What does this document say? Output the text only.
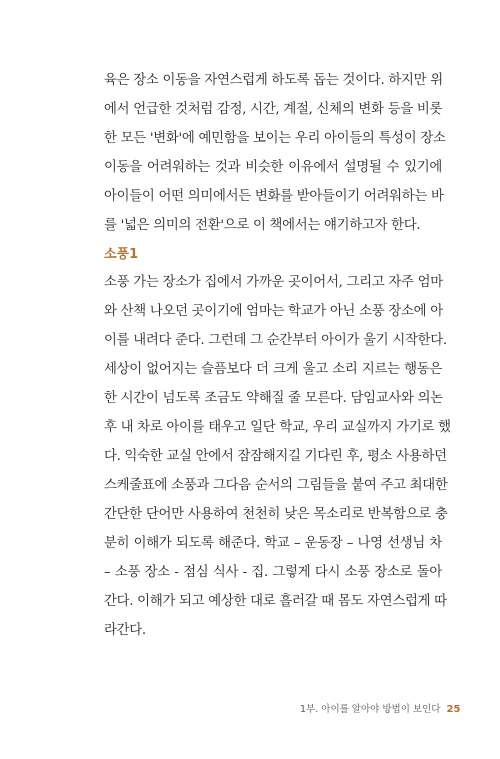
육은 장소 이동을 자연스럽게 하도록 돕는 것이다. 하지만 위
에서 언급한 것처럼 감정, 시간, 계절, 신체의 변화 등을 비롯
한 모든 '변화'에 예민함을 보이는 우리 아이들의 특성이 장소
이동을 어려워하는 것과 비슷한 이유에서 설명될 수 있기에
아이들이 어떤 의미에서든 변화를 받아들이기 어려워하는 바
를 '넓은 의미의 전환'으로 이 책에서는 얘기하고자 한다.
소풍1
소풍 가는 장소가 집에서 가까운 곳이어서, 그리고 자주 엄마
와 산책 나오던 곳이기에 엄마는 학교가 아닌 소풍 장소에 아
이를 내려다 준다. 그런데 그 순간부터 아이가 울기 시작한다.
세상이 없어지는 슬픔보다 더 크게 울고 소리 지르는 행동은
한 시간이 넘도록 조금도 약해질 줄 모른다. 담임교사와 의논
후 내 차로 아이를 태우고 일단 학교, 우리 교실까지 가기로 했
다. 익숙한 교실 안에서 잠잠해지길 기다린 후, 평소 사용하던
스케줄표에 소풍과 그다음 순서의 그림들을 붙여 주고 최대한
간단한 단어만 사용하여 천천히 낮은 목소리로 반복함으로 충
분히 이해가 되도록 해준다. 학교 – 운동장 – 나영 선생님 차
– 소풍 장소 - 점심 식사 - 집. 그렇게 다시 소풍 장소로 돌아
간다. 이해가 되고 예상한 대로 흘러갈 때 몸도 자연스럽게 따
라간다.
1부. 아이를 알아야 방법이 보인다 25
